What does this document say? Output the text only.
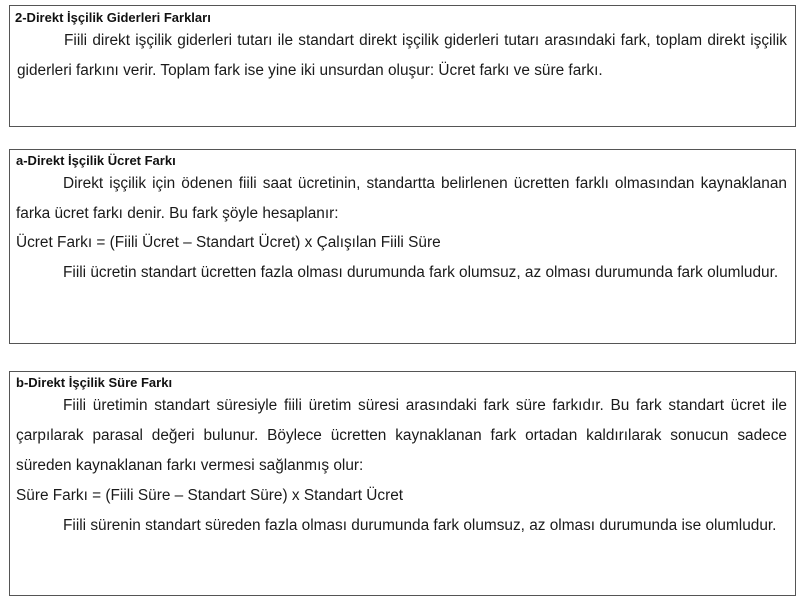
2-Direkt İşçilik Giderleri Farkları

Fiili direkt işçilik giderleri tutarı ile standart direkt işçilik giderleri tutarı arasındaki fark, toplam direkt işçilik giderleri farkını verir. Toplam fark ise yine iki unsurdan oluşur: Ücret farkı ve süre farkı.

a-Direkt İşçilik Ücret Farkı

Direkt işçilik için ödenen fiili saat ücretinin, standartta belirlenen ücretten farklı olmasından kaynaklanan farka ücret farkı denir. Bu fark şöyle hesaplanır:

Ücret Farkı = (Fiili Ücret – Standart Ücret) x Çalışılan Fiili Süre

Fiili ücretin standart ücretten fazla olması durumunda fark olumsuz, az olması durumunda fark olumludur.

b-Direkt İşçilik Süre Farkı

Fiili üretimin standart süresiyle fiili üretim süresi arasındaki fark süre farkıdır. Bu fark standart ücret ile çarpılarak parasal değeri bulunur. Böylece ücretten kaynaklanan fark ortadan kaldırılarak sonucun sadece süreden kaynaklanan farkı vermesi sağlanmış olur:

Süre Farkı = (Fiili Süre – Standart Süre) x Standart Ücret

Fiili sürenin standart süreden fazla olması durumunda fark olumsuz, az olması durumunda ise olumludur.
